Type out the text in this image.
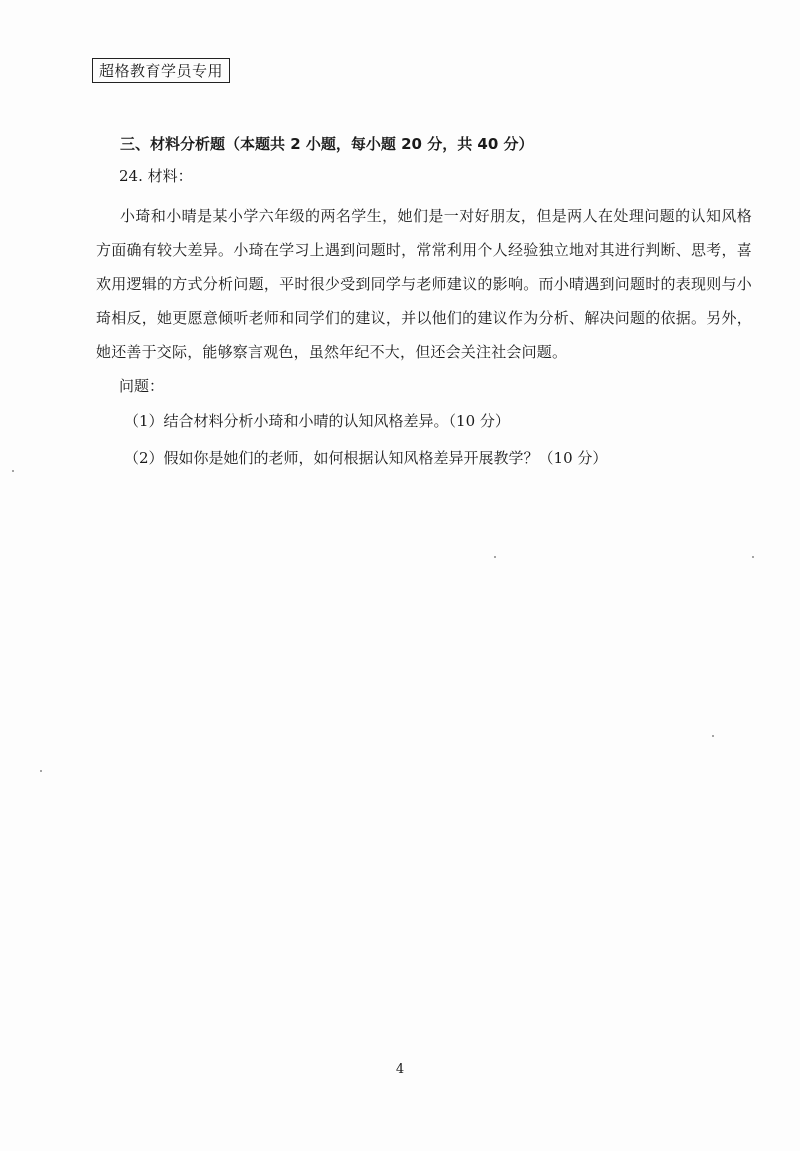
超格教育学员专用
三、材料分析题（本题共 2 小题，每小题 20 分，共 40 分）
24. 材料：
小琦和小晴是某小学六年级的两名学生，她们是一对好朋友，但是两人在处理问题的认知风格方面确有较大差异。小琦在学习上遇到问题时，常常利用个人经验独立地对其进行判断、思考，喜欢用逻辑的方式分析问题，平时很少受到同学与老师建议的影响。而小晴遇到问题时的表现则与小琦相反，她更愿意倾听老师和同学们的建议，并以他们的建议作为分析、解决问题的依据。另外，她还善于交际，能够察言观色，虽然年纪不大，但还会关注社会问题。
问题：
（1）结合材料分析小琦和小晴的认知风格差异。（10 分）
（2）假如你是她们的老师，如何根据认知风格差异开展教学？（10 分）
4
